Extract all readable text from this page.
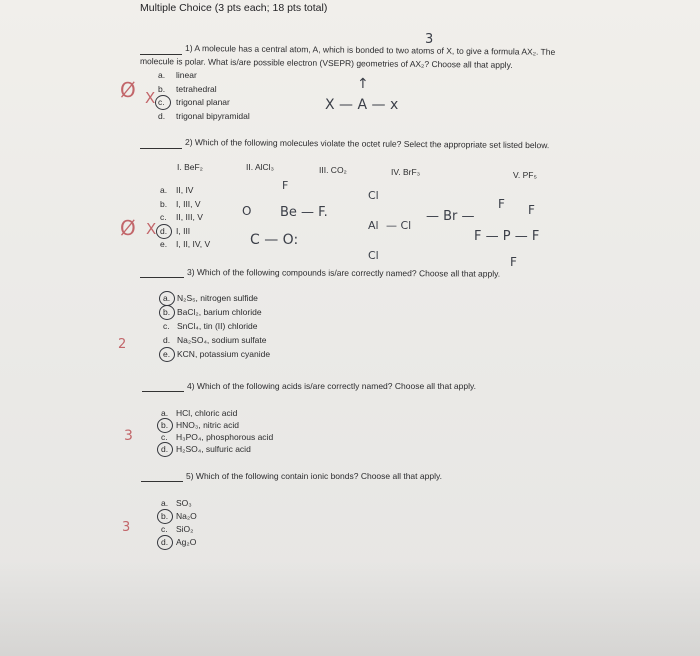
Multiple Choice (3 pts each; 18 pts total)
1) A molecule has a central atom, A, which is bonded to two atoms of X, to give a formula AX₂. The
molecule is polar. What is/are possible electron (VSEPR) geometries of AX₂? Choose all that apply.
a. linear
b. tetrahedral
c. trigonal planar
d. trigonal bipyramidal
X
Ø
3
↑
X — A — x
2) Which of the following molecules violate the octet rule? Select the appropriate set listed below.
I. BeF₂	II. AlCl₃	III. CO₂	IV. BrF₃	V. PF₅
a. II, IV
b. I, III, V
c. II, III, V
d. I, III
e. I, II, IV, V
X
Ø
F
O Be — F.
C — O:
Cl
Al
Cl
— Cl
— Br —
F F
F — P — F
F
3) Which of the following compounds is/are correctly named? Choose all that apply.
a. N₂S₅, nitrogen sulfide
b. BaCl₂, barium chloride
c. SnCl₄, tin (II) chloride
d. Na₂SO₄, sodium sulfate
e. KCN, potassium cyanide
2
4) Which of the following acids is/are correctly named? Choose all that apply.
a. HCl, chloric acid
b. HNO₃, nitric acid
c. H₃PO₄, phosphorous acid
d. H₂SO₄, sulfuric acid
3
5) Which of the following contain ionic bonds? Choose all that apply.
a. SO₃
b. Na₂O
c. SiO₂
d. Ag₂O
3
